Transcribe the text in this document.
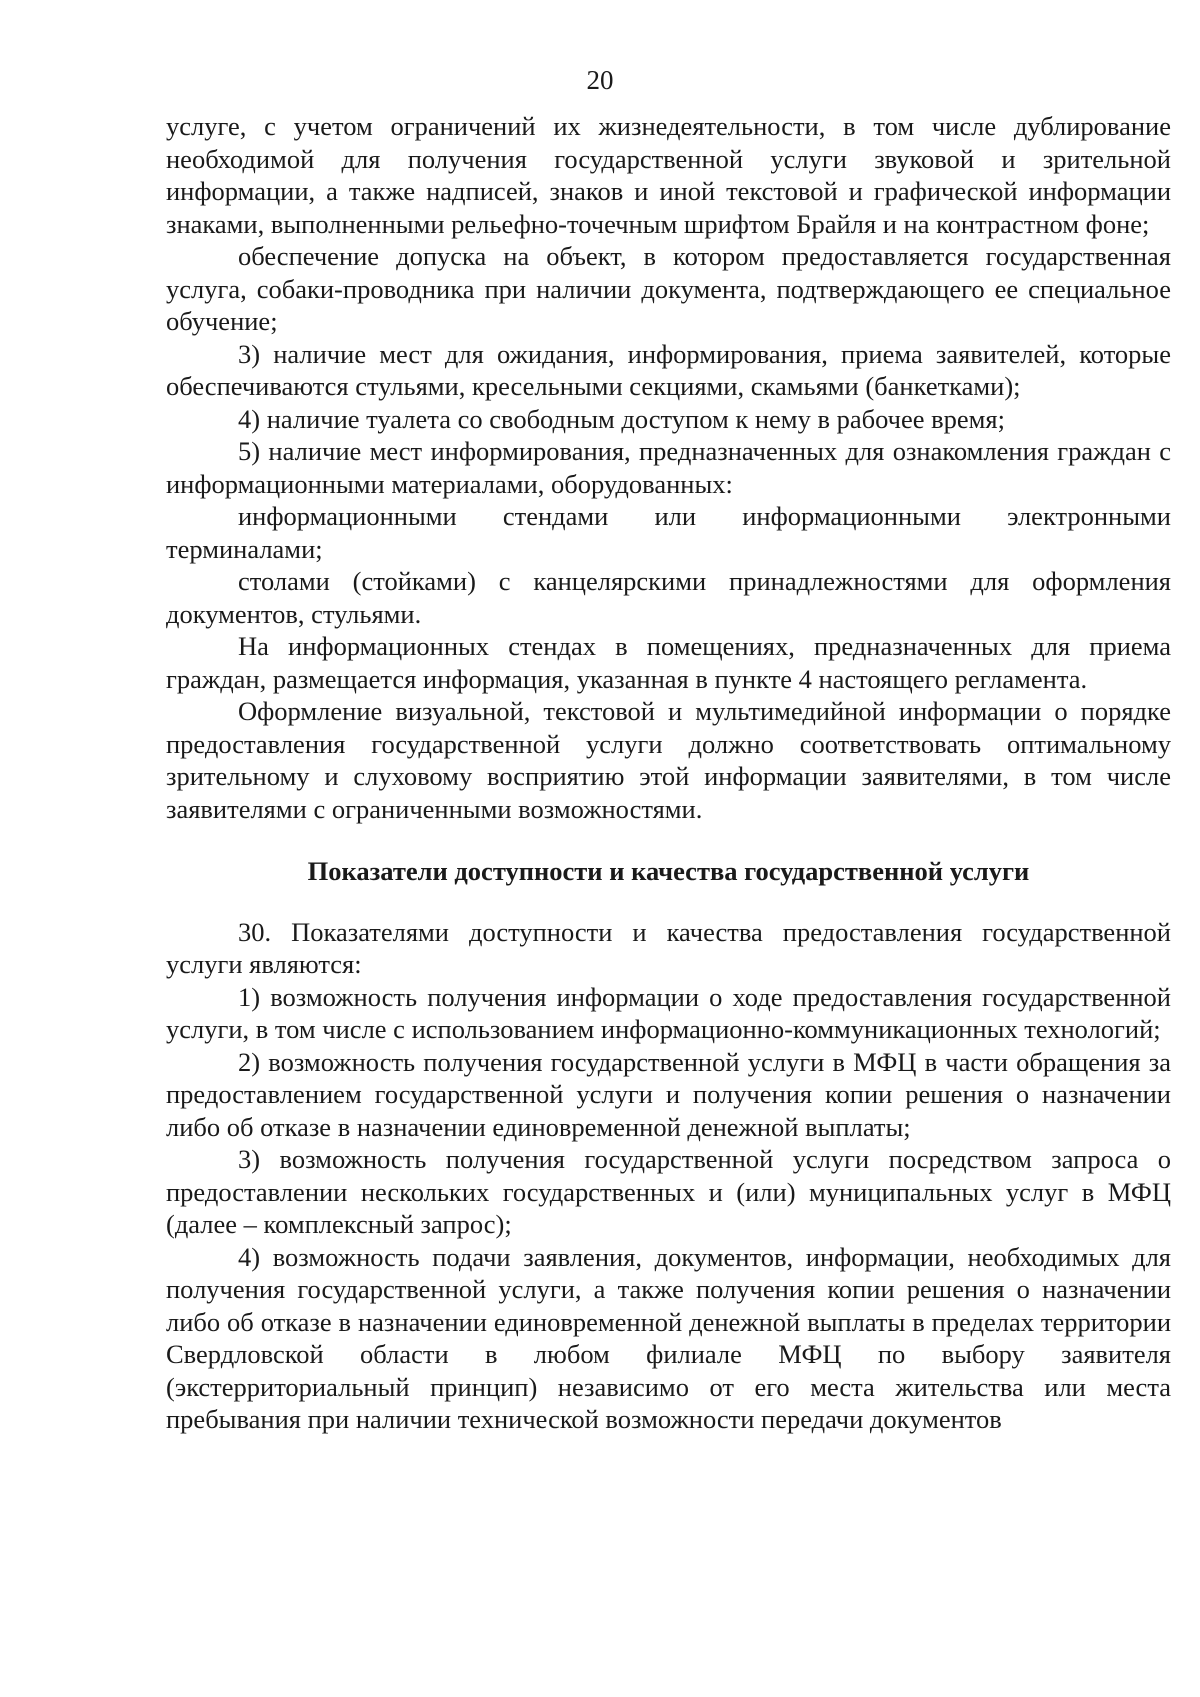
20

услуге, с учетом ограничений их жизнедеятельности, в том числе дублирование необходимой для получения государственной услуги звуковой и зрительной информации, а также надписей, знаков и иной текстовой и графической информации знаками, выполненными рельефно-точечным шрифтом Брайля и на контрастном фоне;

обеспечение допуска на объект, в котором предоставляется государственная услуга, собаки-проводника при наличии документа, подтверждающего ее специальное обучение;

3) наличие мест для ожидания, информирования, приема заявителей, которые обеспечиваются стульями, кресельными секциями, скамьями (банкетками);

4) наличие туалета со свободным доступом к нему в рабочее время;

5) наличие мест информирования, предназначенных для ознакомления граждан с информационными материалами, оборудованных:

информационными стендами или информационными электронными терминалами;

столами (стойками) с канцелярскими принадлежностями для оформления документов, стульями.

На информационных стендах в помещениях, предназначенных для приема граждан, размещается информация, указанная в пункте 4 настоящего регламента.

Оформление визуальной, текстовой и мультимедийной информации о порядке предоставления государственной услуги должно соответствовать оптимальному зрительному и слуховому восприятию этой информации заявителями, в том числе заявителями с ограниченными возможностями.

Показатели доступности и качества государственной услуги

30. Показателями доступности и качества предоставления государственной услуги являются:

1) возможность получения информации о ходе предоставления государственной услуги, в том числе с использованием информационно-коммуникационных технологий;

2) возможность получения государственной услуги в МФЦ в части обращения за предоставлением государственной услуги и получения копии решения о назначении либо об отказе в назначении единовременной денежной выплаты;

3) возможность получения государственной услуги посредством запроса о предоставлении нескольких государственных и (или) муниципальных услуг в МФЦ (далее – комплексный запрос);

4) возможность подачи заявления, документов, информации, необходимых для получения государственной услуги, а также получения копии решения о назначении либо об отказе в назначении единовременной денежной выплаты в пределах территории Свердловской области в любом филиале МФЦ по выбору заявителя (экстерриториальный принцип) независимо от его места жительства или места пребывания при наличии технической возможности передачи документов
